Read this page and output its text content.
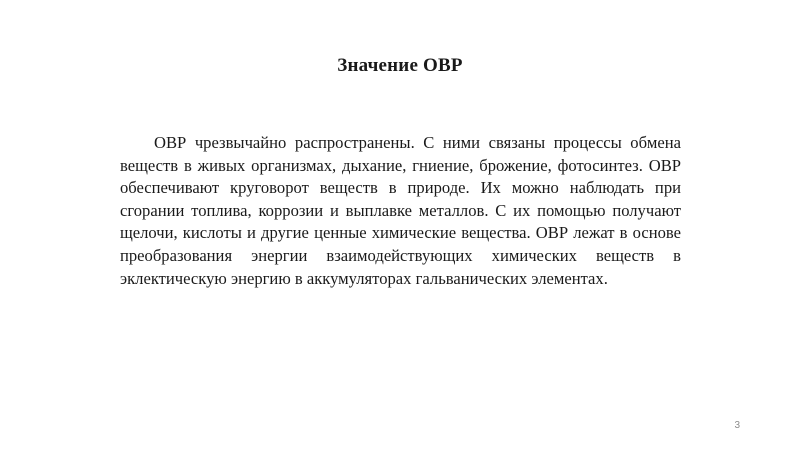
Значение ОВР

ОВР чрезвычайно распространены. С ними связаны процессы обмена веществ в живых организмах, дыхание, гниение, брожение, фотосинтез. ОВР обеспечивают круговорот веществ в природе. Их можно наблюдать при сгорании топлива, коррозии и выплавке металлов. С их помощью получают щелочи, кислоты и другие ценные химические вещества. ОВР лежат в основе преобразования энергии взаимодействующих химических веществ в эклектическую энергию в аккумуляторах гальванических элементах.

3
